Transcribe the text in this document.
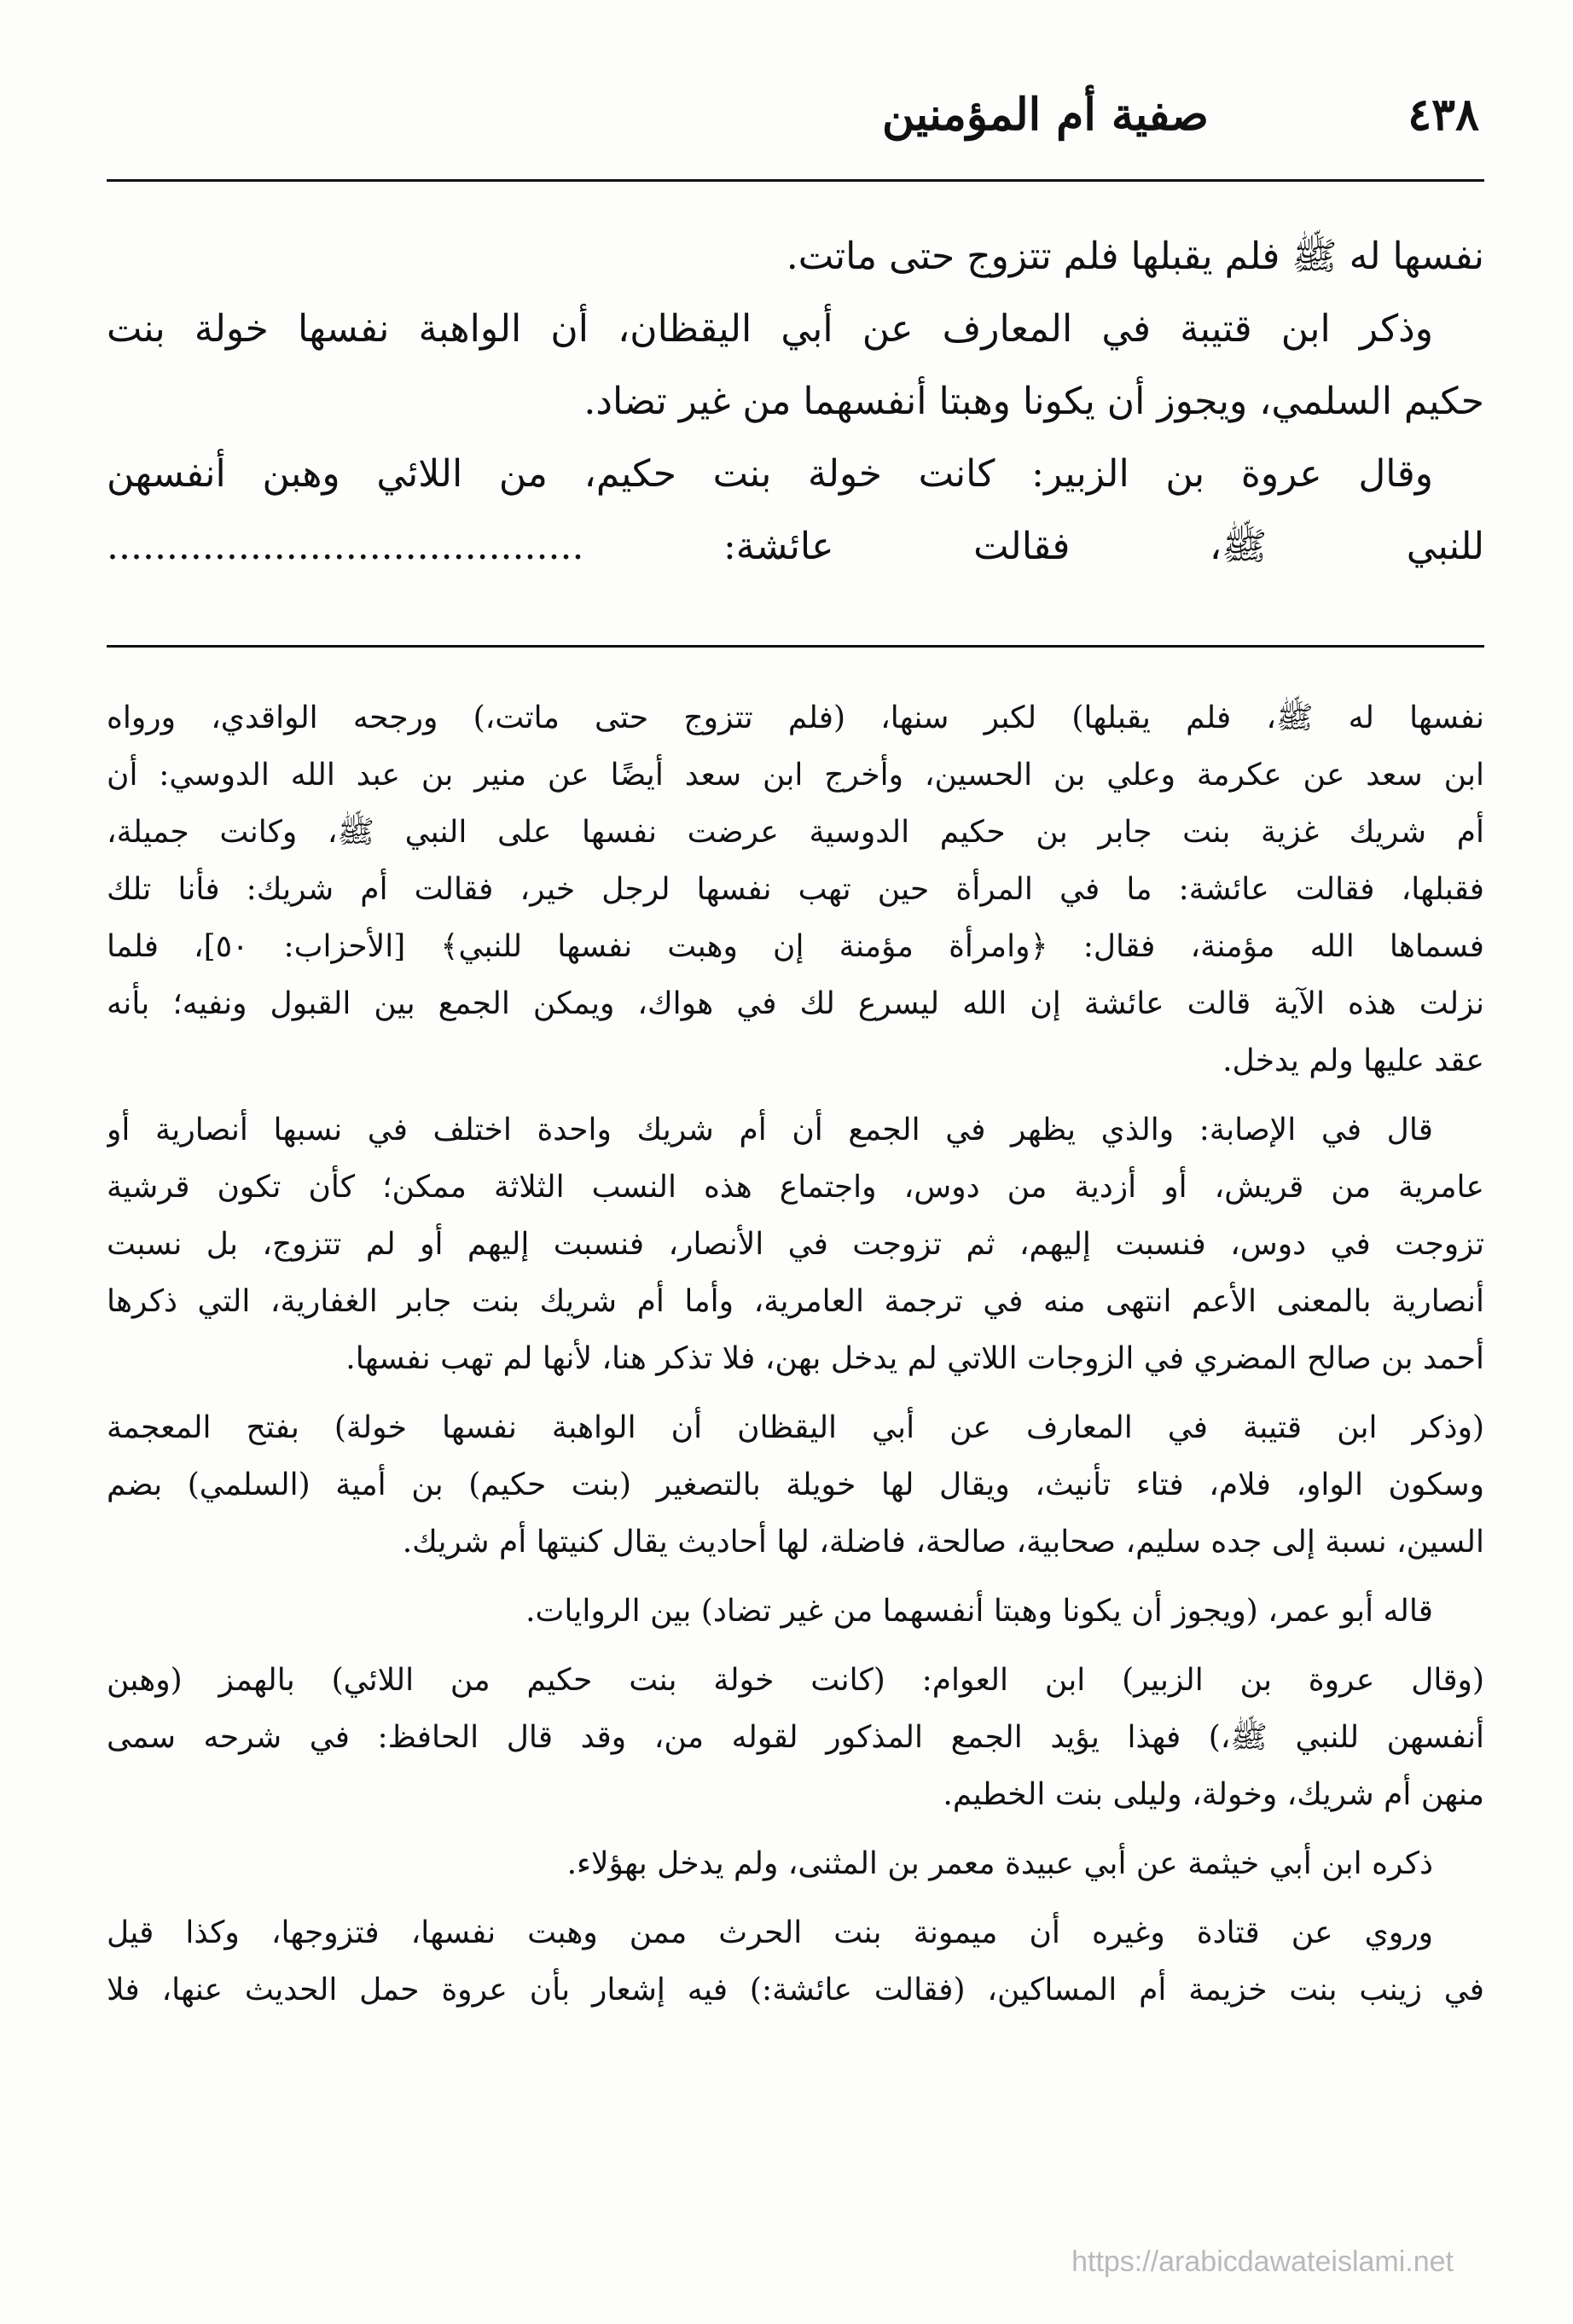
صفية أم المؤمنين	٤٣٨
نفسها له ﷺ فلم يقبلها فلم تتزوج حتى ماتت.
وذكر ابن قتيبة في المعارف عن أبي اليقظان، أن الواهبة نفسها خولة بنت
حكيم السلمي، ويجوز أن يكونا وهبتا أنفسهما من غير تضاد.
وقال عروة بن الزبير: كانت خولة بنت حكيم، من اللائي وهبن أنفسهن
للنبي ﷺ، فقالت عائشة: ........................................
نفسها له ﷺ، فلم يقبلها) لكبر سنها، (فلم تتزوج حتى ماتت،) ورجحه الواقدي، ورواه
ابن سعد عن عكرمة وعلي بن الحسين، وأخرج ابن سعد أيضًا عن منير بن عبد الله الدوسي: أن
أم شريك غزية بنت جابر بن حكيم الدوسية عرضت نفسها على النبي ﷺ، وكانت جميلة،
فقبلها، فقالت عائشة: ما في المرأة حين تهب نفسها لرجل خير، فقالت أم شريك: فأنا تلك
فسماها الله مؤمنة، فقال: ﴿وامرأة مؤمنة إن وهبت نفسها للنبي﴾ [الأحزاب: ٥٠]، فلما
نزلت هذه الآية قالت عائشة إن الله ليسرع لك في هواك، ويمكن الجمع بين القبول ونفيه؛ بأنه
عقد عليها ولم يدخل.
قال في الإصابة: والذي يظهر في الجمع أن أم شريك واحدة اختلف في نسبها أنصارية أو
عامرية من قريش، أو أزدية من دوس، واجتماع هذه النسب الثلاثة ممكن؛ كأن تكون قرشية
تزوجت في دوس، فنسبت إليهم، ثم تزوجت في الأنصار، فنسبت إليهم أو لم تتزوج، بل نسبت
أنصارية بالمعنى الأعم انتهى منه في ترجمة العامرية، وأما أم شريك بنت جابر الغفارية، التي ذكرها
أحمد بن صالح المضري في الزوجات اللاتي لم يدخل بهن، فلا تذكر هنا، لأنها لم تهب نفسها.
(وذكر ابن قتيبة في المعارف عن أبي اليقظان أن الواهبة نفسها خولة) بفتح المعجمة
وسكون الواو، فلام، فتاء تأنيث، ويقال لها خويلة بالتصغير (بنت حكيم) بن أمية (السلمي) بضم
السين، نسبة إلى جده سليم، صحابية، صالحة، فاضلة، لها أحاديث يقال كنيتها أم شريك.
قاله أبو عمر، (ويجوز أن يكونا وهبتا أنفسهما من غير تضاد) بين الروايات.
(وقال عروة بن الزبير) ابن العوام: (كانت خولة بنت حكيم من اللائي) بالهمز (وهبن
أنفسهن للنبي ﷺ،) فهذا يؤيد الجمع المذكور لقوله من، وقد قال الحافظ: في شرحه سمى
منهن أم شريك، وخولة، وليلى بنت الخطيم.
ذكره ابن أبي خيثمة عن أبي عبيدة معمر بن المثنى، ولم يدخل بهؤلاء.
وروي عن قتادة وغيره أن ميمونة بنت الحرث ممن وهبت نفسها، فتزوجها، وكذا قيل
في زينب بنت خزيمة أم المساكين، (فقالت عائشة:) فيه إشعار بأن عروة حمل الحديث عنها، فلا
https://arabicdawateislami.net
